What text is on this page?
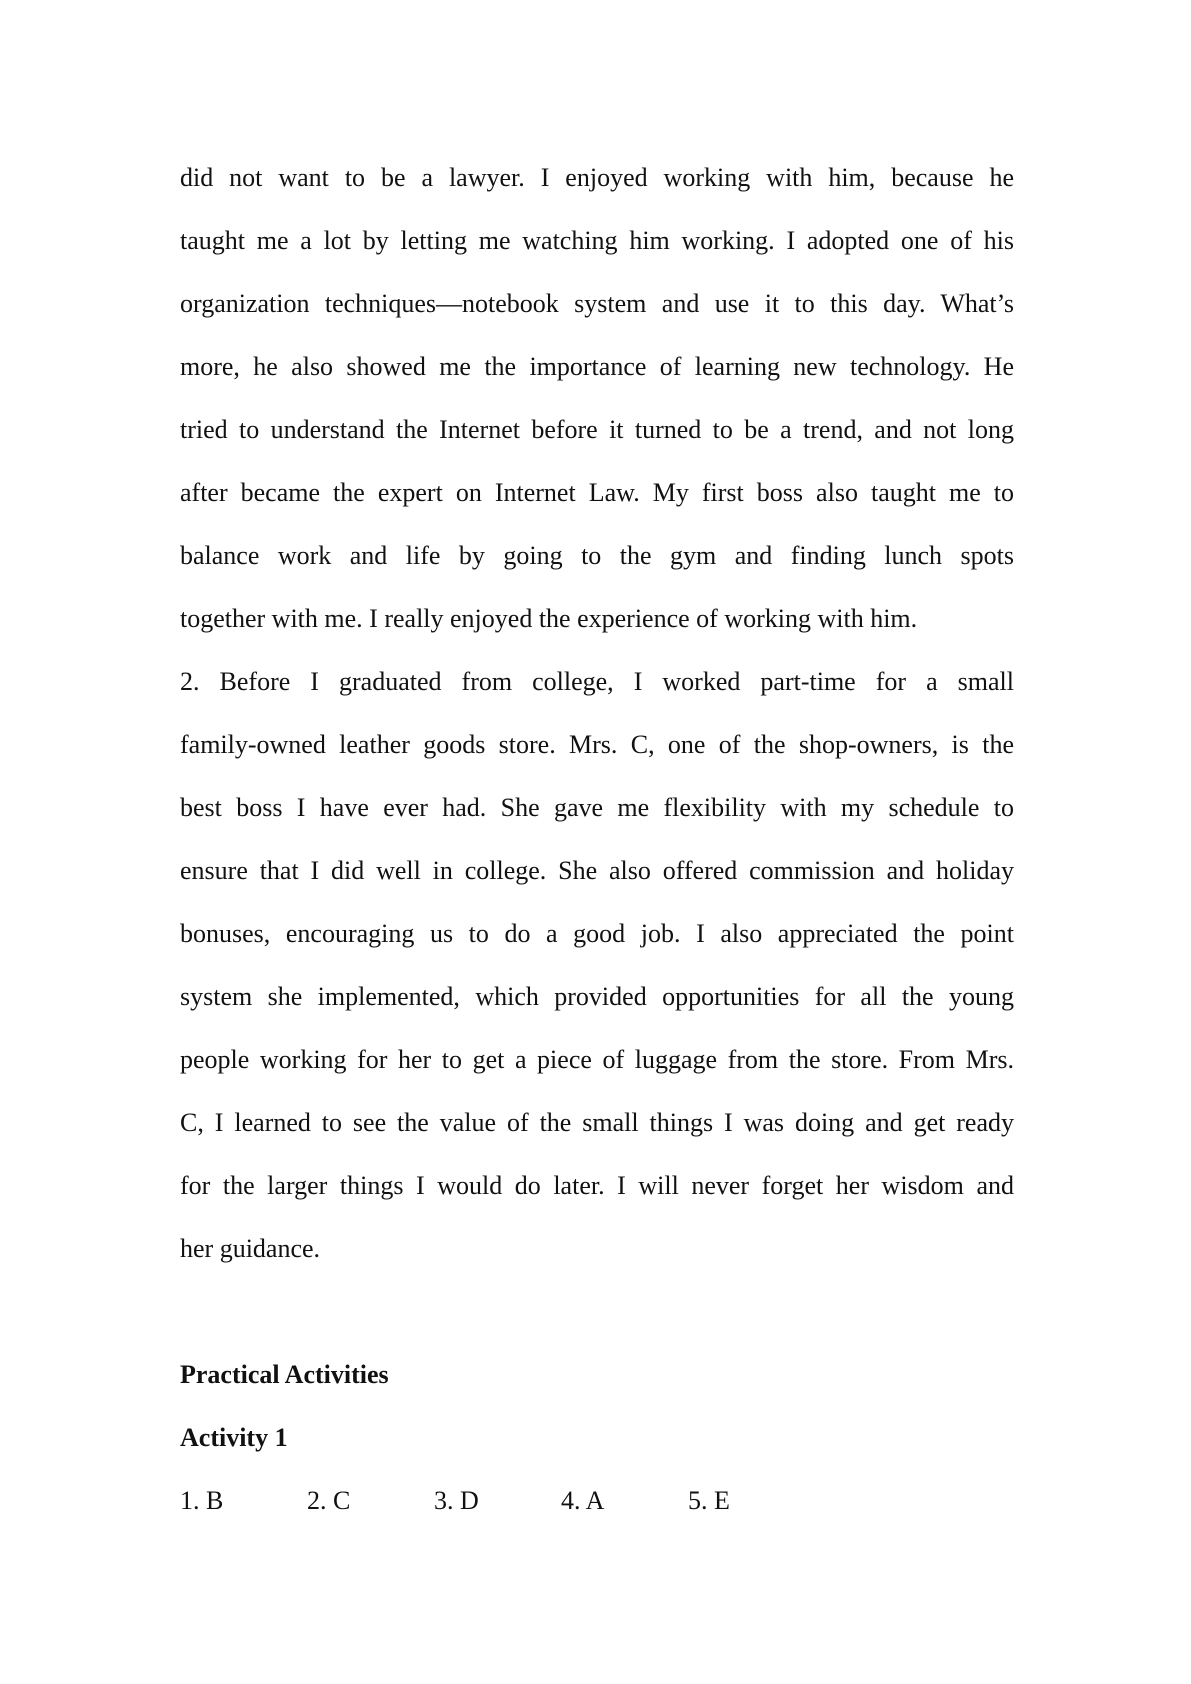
did not want to be a lawyer. I enjoyed working with him, because he
taught me a lot by letting me watching him working. I adopted one of his
organization techniques—notebook system and use it to this day. What’s
more, he also showed me the importance of learning new technology. He
tried to understand the Internet before it turned to be a trend, and not long
after became the expert on Internet Law. My first boss also taught me to
balance work and life by going to the gym and finding lunch spots
together with me. I really enjoyed the experience of working with him.
2. Before I graduated from college, I worked part-time for a small
family-owned leather goods store. Mrs. C, one of the shop-owners, is the
best boss I have ever had. She gave me flexibility with my schedule to
ensure that I did well in college. She also offered commission and holiday
bonuses, encouraging us to do a good job. I also appreciated the point
system she implemented, which provided opportunities for all the young
people working for her to get a piece of luggage from the store. From Mrs.
C, I learned to see the value of the small things I was doing and get ready
for the larger things I would do later. I will never forget her wisdom and
her guidance.
Practical Activities
Activity 1
1. B	2. C	3. D	4. A	5. E
